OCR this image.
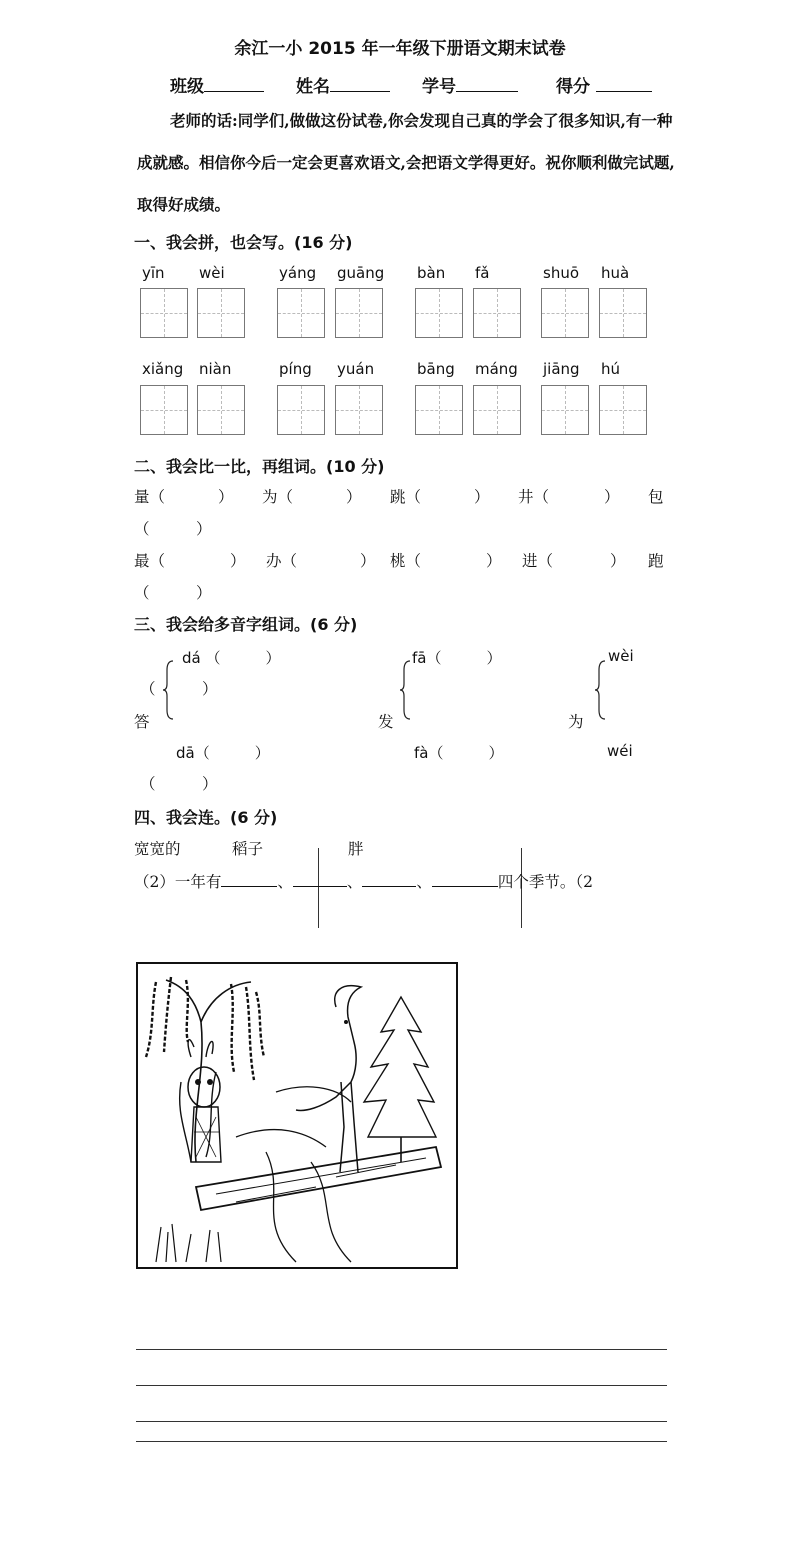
余江一小 2015 年一年级下册语文期末试卷
班级	姓名	学号	得分
老师的话:同学们,做做这份试卷,你会发现自己真的学会了很多知识,有一种成就感。相信你今后一定会更喜欢语文,会把语文学得更好。祝你顺利做完试题,取得好成绩。
一、我会拼，也会写。(16 分)
yīn wèi	yáng guāng bàn fǎ	shuō huà
xiǎng niàn	píng yuán	bāng máng jiāng hú
二、我会比一比，再组词。(10 分)
量（	） 为（	） 跳（	） 井（	） 包
（　　　）
最（	） 办（	） 桃（	） 进（	） 跑
（　　　）
三、我会给多音字组词。(6 分)
dá （　　　）
（　　　）
答
dā（　　　）
（　　　）
fā（　　　）
发
fà（　　　）
wèi
为
wéi
四、我会连。(6 分)
宽宽的	稻子	胖
（2）一年有	、	、	、	四个季节。（2
